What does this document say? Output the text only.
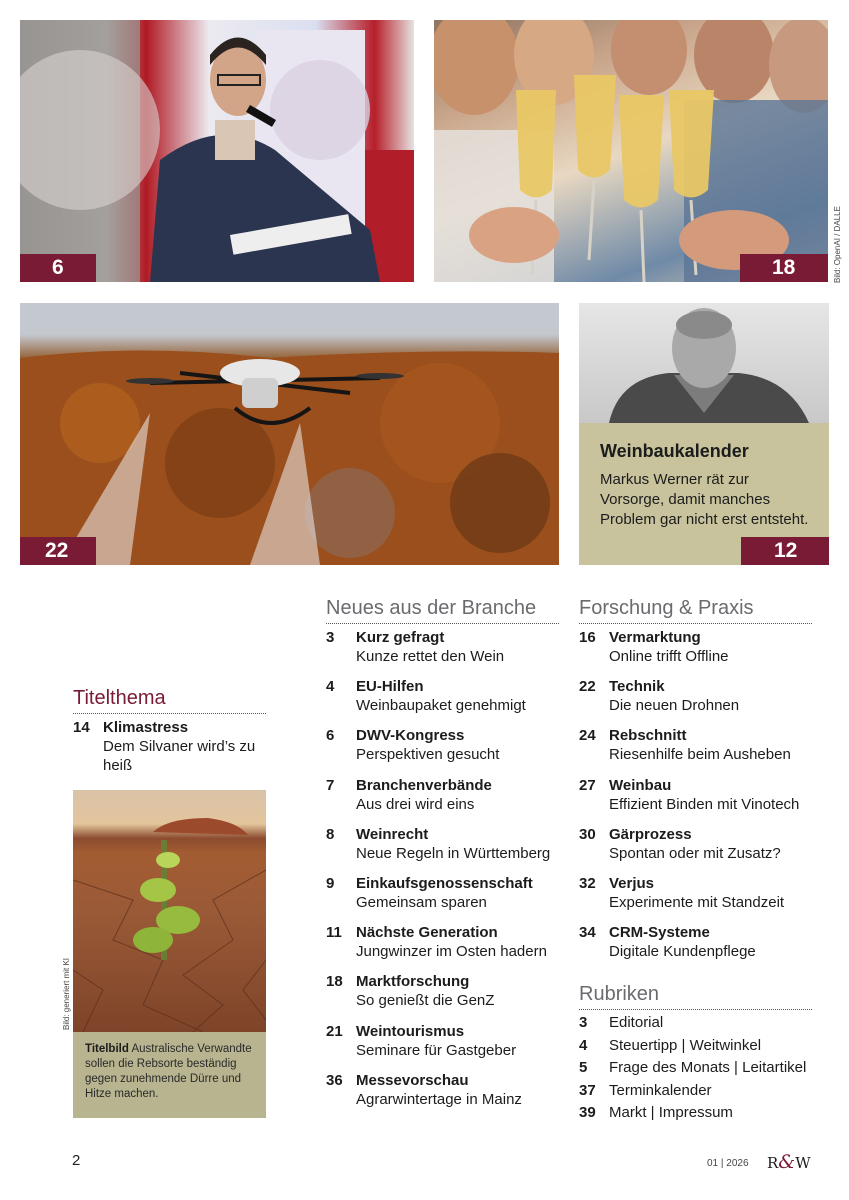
6	18	Bild: OpenAI / DALLE
22
Weinbaukalender
Markus Werner rät zur Vorsorge, damit manches Problem gar nicht erst entsteht.
12
Titelthema
14 Klimastress
Dem Silvaner wird’s zu heiß
Bild: generiert mit KI
Titelbild Australische Verwandte sollen die Rebsorte beständig gegen zunehmende Dürre und Hitze machen.
Neues aus der Branche
3 Kurz gefragt
Kunze rettet den Wein
4 EU-Hilfen
Weinbaupaket genehmigt
6 DWV-Kongress
Perspektiven gesucht
7 Branchenverbände
Aus drei wird eins
8 Weinrecht
Neue Regeln in Württemberg
9 Einkaufsgenossenschaft
Gemeinsam sparen
11 Nächste Generation
Jungwinzer im Osten hadern
18 Marktforschung
So genießt die GenZ
21 Weintourismus
Seminare für Gastgeber
36 Messevorschau
Agrarwintertage in Mainz
Forschung & Praxis
16 Vermarktung
Online trifft Offline
22 Technik
Die neuen Drohnen
24 Rebschnitt
Riesenhilfe beim Ausheben
27 Weinbau
Effizient Binden mit Vinotech
30 Gärprozess
Spontan oder mit Zusatz?
32 Verjus
Experimente mit Standzeit
34 CRM-Systeme
Digitale Kundenpflege
Rubriken
3 Editorial
4 Steuertipp | Weitwinkel
5 Frage des Monats | Leitartikel
37 Terminkalender
39 Markt | Impressum
2	01 | 2026 R&W
